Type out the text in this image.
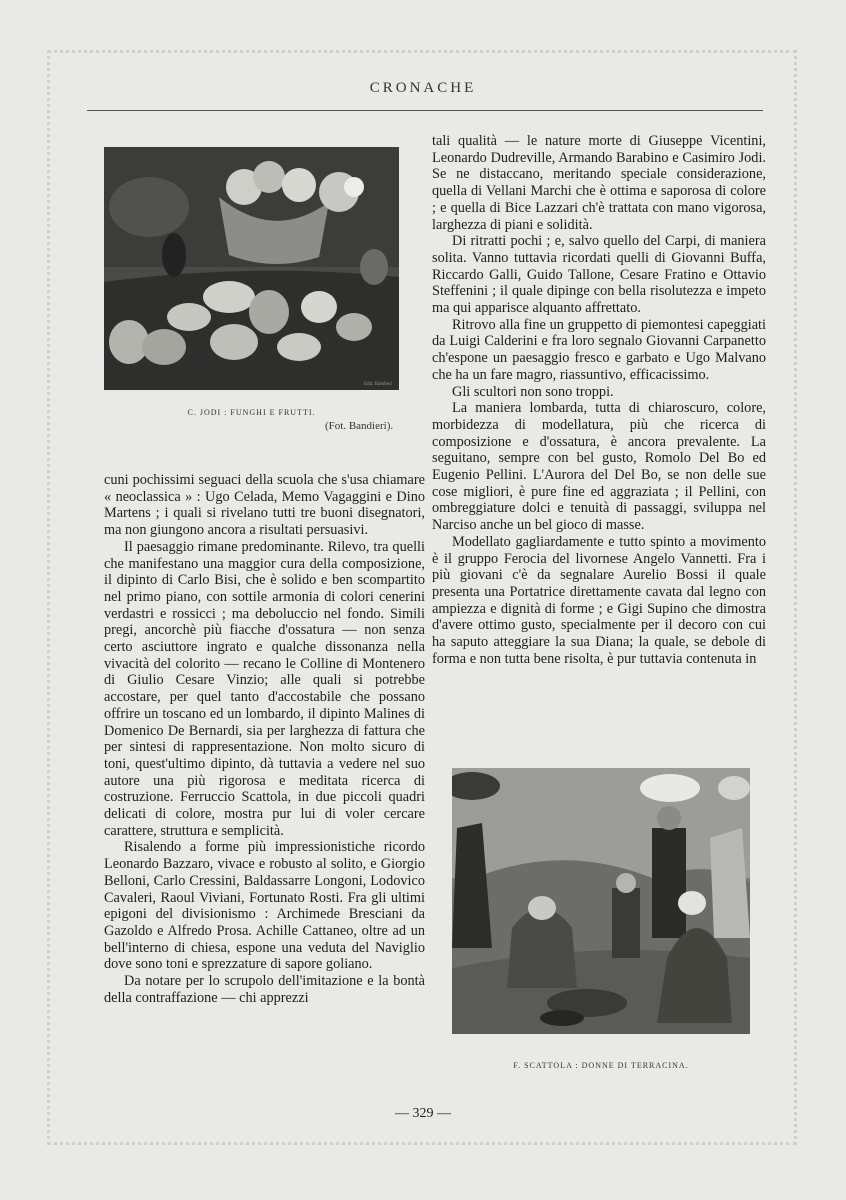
CRONACHE
Edit. Bandieri
C. JODI : FUNGHI E FRUTTI.
(Fot. Bandieri).

cuni pochissimi seguaci della scuola che s'usa chiamare « neoclassica » : Ugo Celada, Memo Vagaggini e Dino Martens ; i quali si rivelano tutti tre buoni disegnatori, ma non giungono ancora a risultati persuasivi.

Il paesaggio rimane predominante. Rilevo, tra quelli che manifestano una maggior cura della composizione, il dipinto di Carlo Bisi, che è solido e ben scompartito nel primo piano, con sottile armonia di colori cenerini verdastri e rossicci ; ma deboluccio nel fondo. Simili pregi, ancorchè più fiacche d'ossatura — non senza certo asciuttore ingrato e qualche dissonanza nella vivacità del colorito — recano le Colline di Montenero di Giulio Cesare Vinzio; alle quali si potrebbe accostare, per quel tanto d'accostabile che possano offrire un toscano ed un lombardo, il dipinto Malines di Domenico De Bernardi, sia per larghezza di fattura che per sintesi di rappresentazione. Non molto sicuro di toni, quest'ultimo dipinto, dà tuttavia a vedere nel suo autore una più rigorosa e meditata ricerca di costruzione. Ferruccio Scattola, in due piccoli quadri delicati di colore, mostra pur lui di voler cercare carattere, struttura e semplicità.

Risalendo a forme più impressionistiche ricordo Leonardo Bazzaro, vivace e robusto al solito, e Giorgio Belloni, Carlo Cressini, Baldassarre Longoni, Lodovico Cavaleri, Raoul Viviani, Fortunato Rosti. Fra gli ultimi epigoni del divisionismo : Archimede Bresciani da Gazoldo e Alfredo Prosa. Achille Cattaneo, oltre ad un bell'interno di chiesa, espone una veduta del Naviglio dove sono toni e sprezzature di sapore goliano.

Da notare per lo scrupolo dell'imitazione e la bontà della contraffazione — chi apprezzi

tali qualità — le nature morte di Giuseppe Vicentini, Leonardo Dudreville, Armando Barabino e Casimiro Jodi. Se ne distaccano, meritando speciale considerazione, quella di Vellani Marchi che è ottima e saporosa di colore ; e quella di Bice Lazzari ch'è trattata con mano vigorosa, larghezza di piani e solidità.

Di ritratti pochi ; e, salvo quello del Carpi, di maniera solita. Vanno tuttavia ricordati quelli di Giovanni Buffa, Riccardo Galli, Guido Tallone, Cesare Fratino e Ottavio Steffenini ; il quale dipinge con bella risolutezza e impeto ma qui apparisce alquanto affrettato.

Ritrovo alla fine un gruppetto di piemontesi capeggiati da Luigi Calderini e fra loro segnalo Giovanni Carpanetto ch'espone un paesaggio fresco e garbato e Ugo Malvano che ha un fare magro, riassuntivo, efficacissimo.

Gli scultori non sono troppi.

La maniera lombarda, tutta di chiaroscuro, colore, morbidezza di modellatura, più che ricerca di composizione e d'ossatura, è ancora prevalente. La seguitano, sempre con bel gusto, Romolo Del Bo ed Eugenio Pellini. L'Aurora del Del Bo, se non delle sue cose migliori, è pure fine ed aggraziata ; il Pellini, con ombreggiature dolci e tenuità di passaggi, sviluppa nel Narciso anche un bel gioco di masse.

Modellato gagliardamente e tutto spinto a movimento è il gruppo Ferocia del livornese Angelo Vannetti. Fra i più giovani c'è da segnalare Aurelio Bossi il quale presenta una Portatrice direttamente cavata dal legno con ampiezza e dignità di forme ; e Gigi Supino che dimostra d'avere ottimo gusto, specialmente per il decoro con cui ha saputo atteggiare la sua Diana; la quale, se debole di forma e non tutta bene risolta, è pur tuttavia contenuta in

F. SCATTOLA : DONNE DI TERRACINA.
— 329 —
